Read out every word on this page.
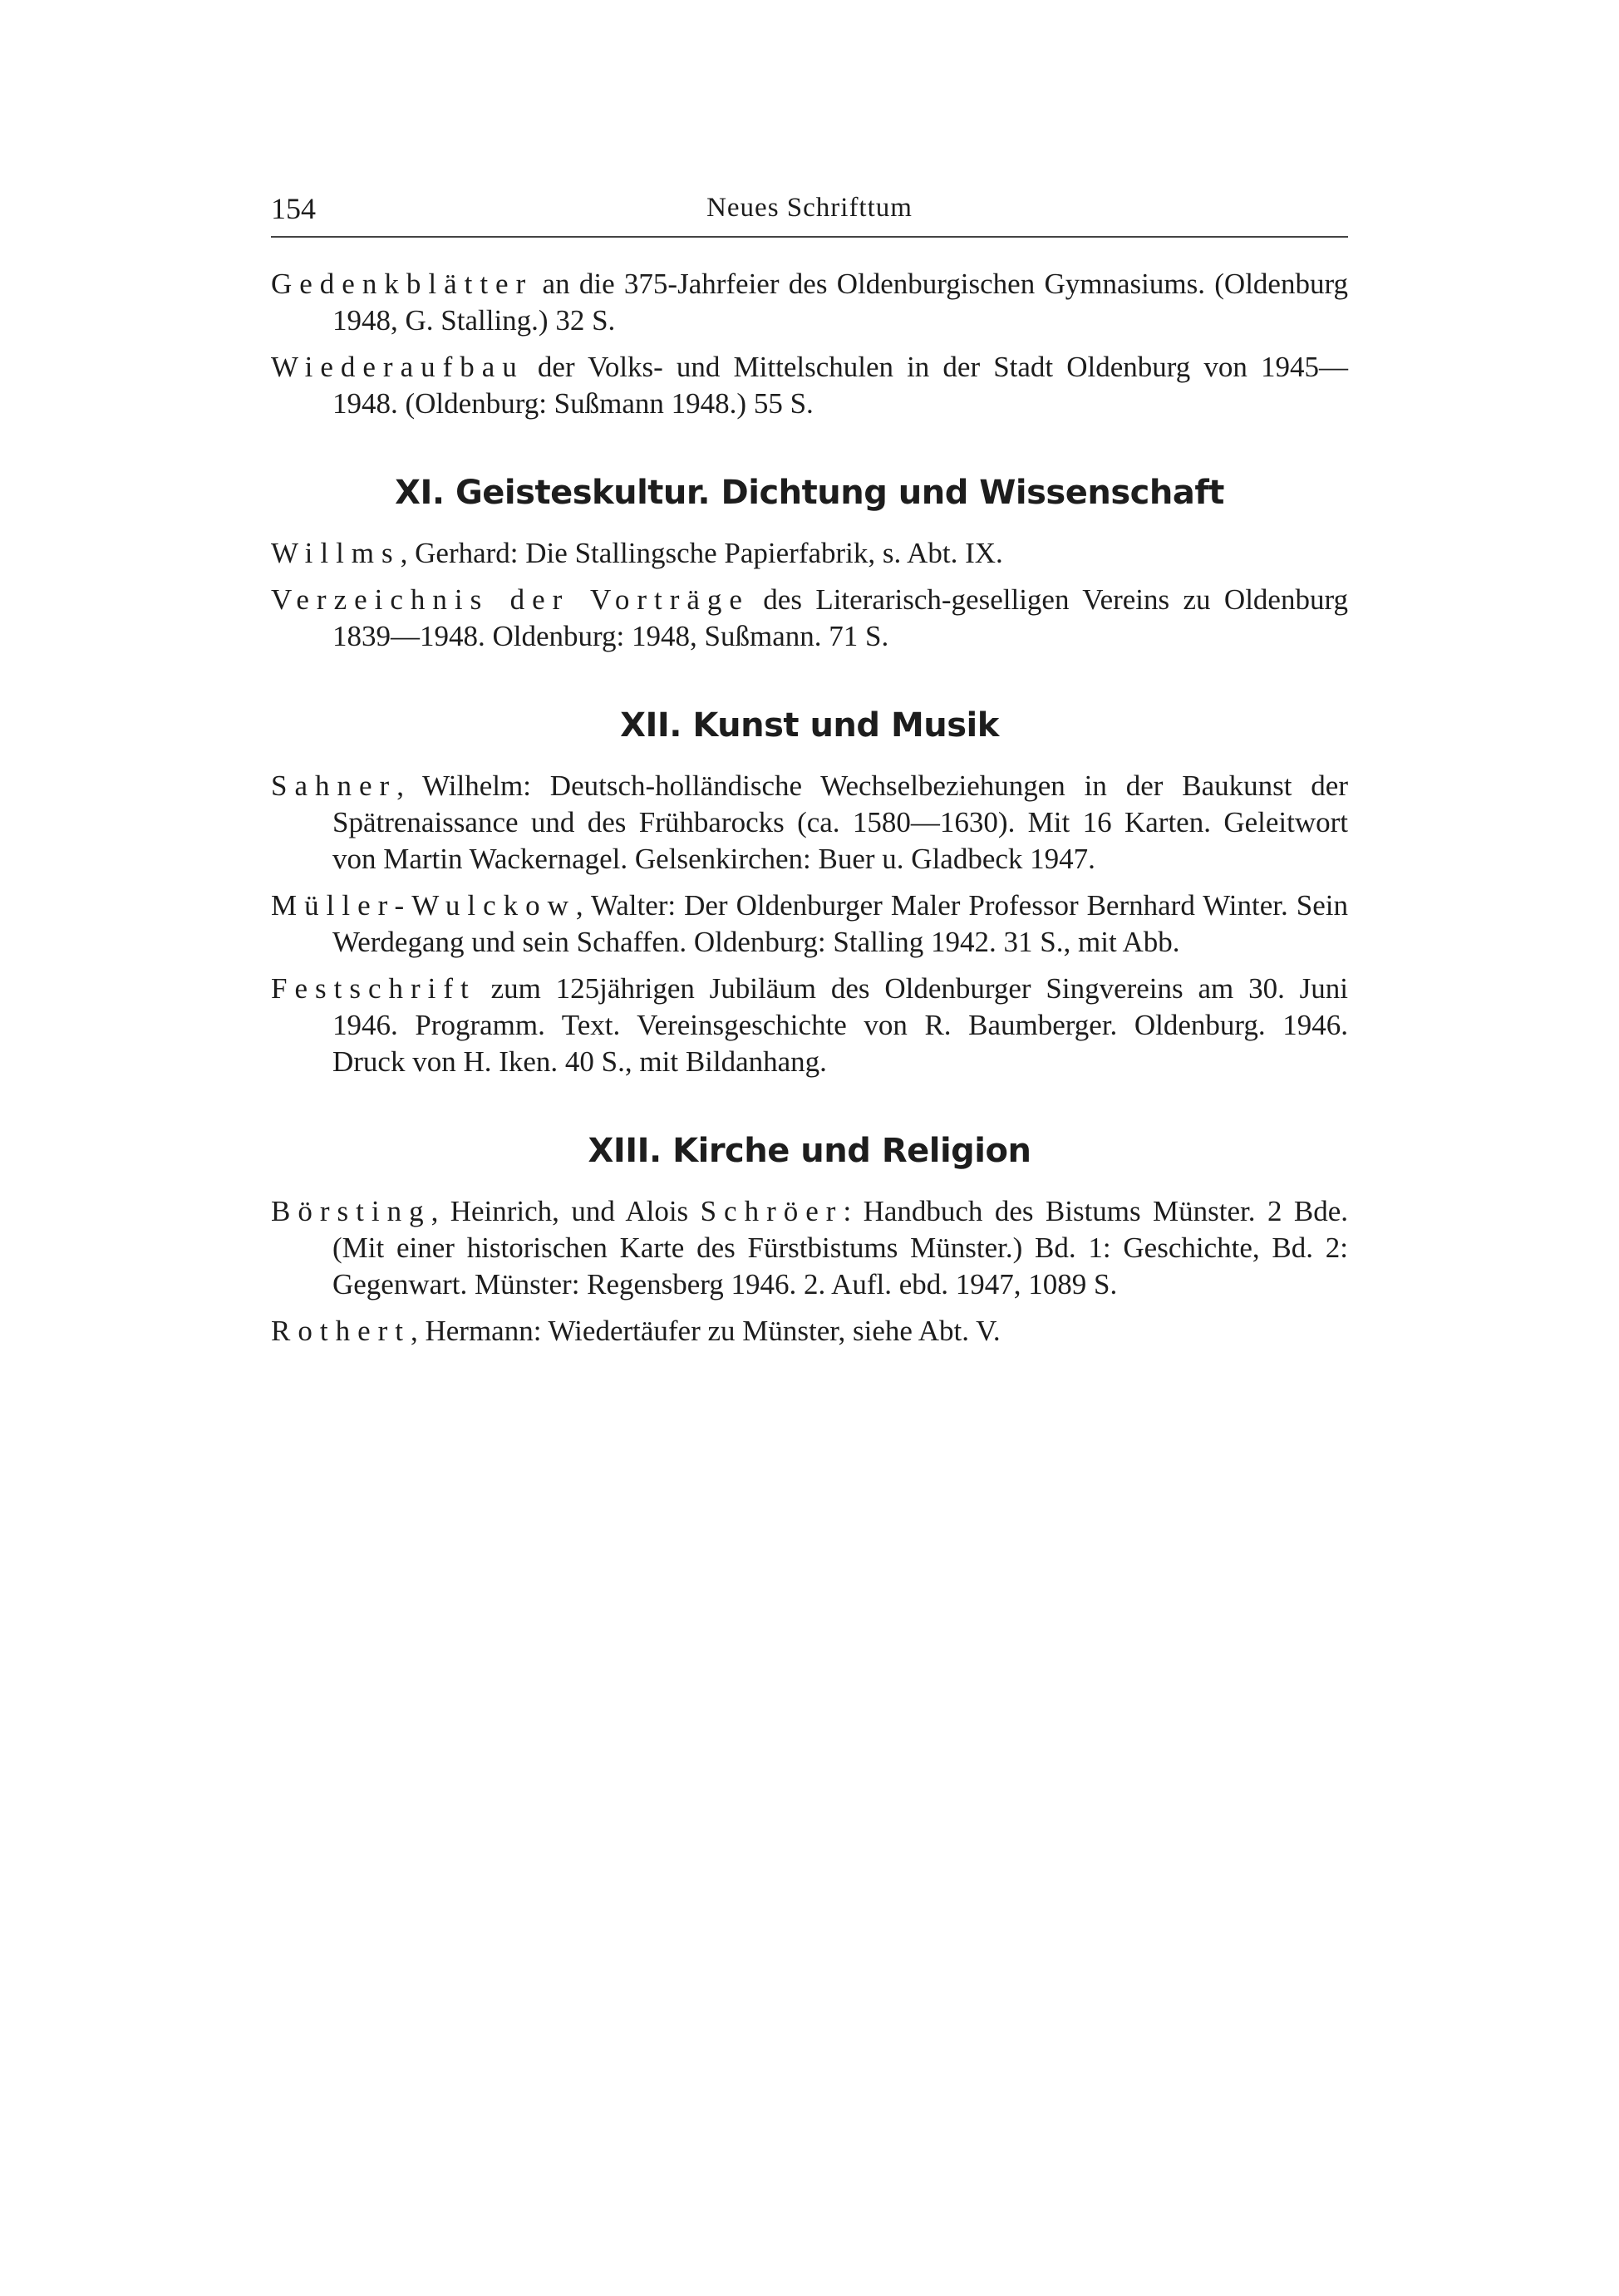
154	Neues Schrifttum

Gedenkblätter an die 375-Jahrfeier des Oldenburgischen Gymnasiums. (Oldenburg 1948, G. Stalling.) 32 S.

Wiederaufbau der Volks- und Mittelschulen in der Stadt Oldenburg von 1945—1948. (Oldenburg: Sußmann 1948.) 55 S.

XI. Geisteskultur. Dichtung und Wissenschaft

Willms, Gerhard: Die Stallingsche Papierfabrik, s. Abt. IX.

Verzeichnis der Vorträge des Literarisch-geselligen Vereins zu Oldenburg 1839—1948. Oldenburg: 1948, Sußmann. 71 S.

XII. Kunst und Musik

Sahner, Wilhelm: Deutsch-holländische Wechselbeziehungen in der Baukunst der Spätrenaissance und des Frühbarocks (ca. 1580—1630). Mit 16 Karten. Geleitwort von Martin Wackernagel. Gelsenkirchen: Buer u. Gladbeck 1947.

Müller-Wulckow, Walter: Der Oldenburger Maler Professor Bernhard Winter. Sein Werdegang und sein Schaffen. Oldenburg: Stalling 1942. 31 S., mit Abb.

Festschrift zum 125jährigen Jubiläum des Oldenburger Singvereins am 30. Juni 1946. Programm. Text. Vereinsgeschichte von R. Baumberger. Oldenburg. 1946. Druck von H. Iken. 40 S., mit Bildanhang.

XIII. Kirche und Religion

Börsting, Heinrich, und Alois Schröer: Handbuch des Bistums Münster. 2 Bde. (Mit einer historischen Karte des Fürstbistums Münster.) Bd. 1: Geschichte, Bd. 2: Gegenwart. Münster: Regensberg 1946. 2. Aufl. ebd. 1947, 1089 S.

Rothert, Hermann: Wiedertäufer zu Münster, siehe Abt. V.
